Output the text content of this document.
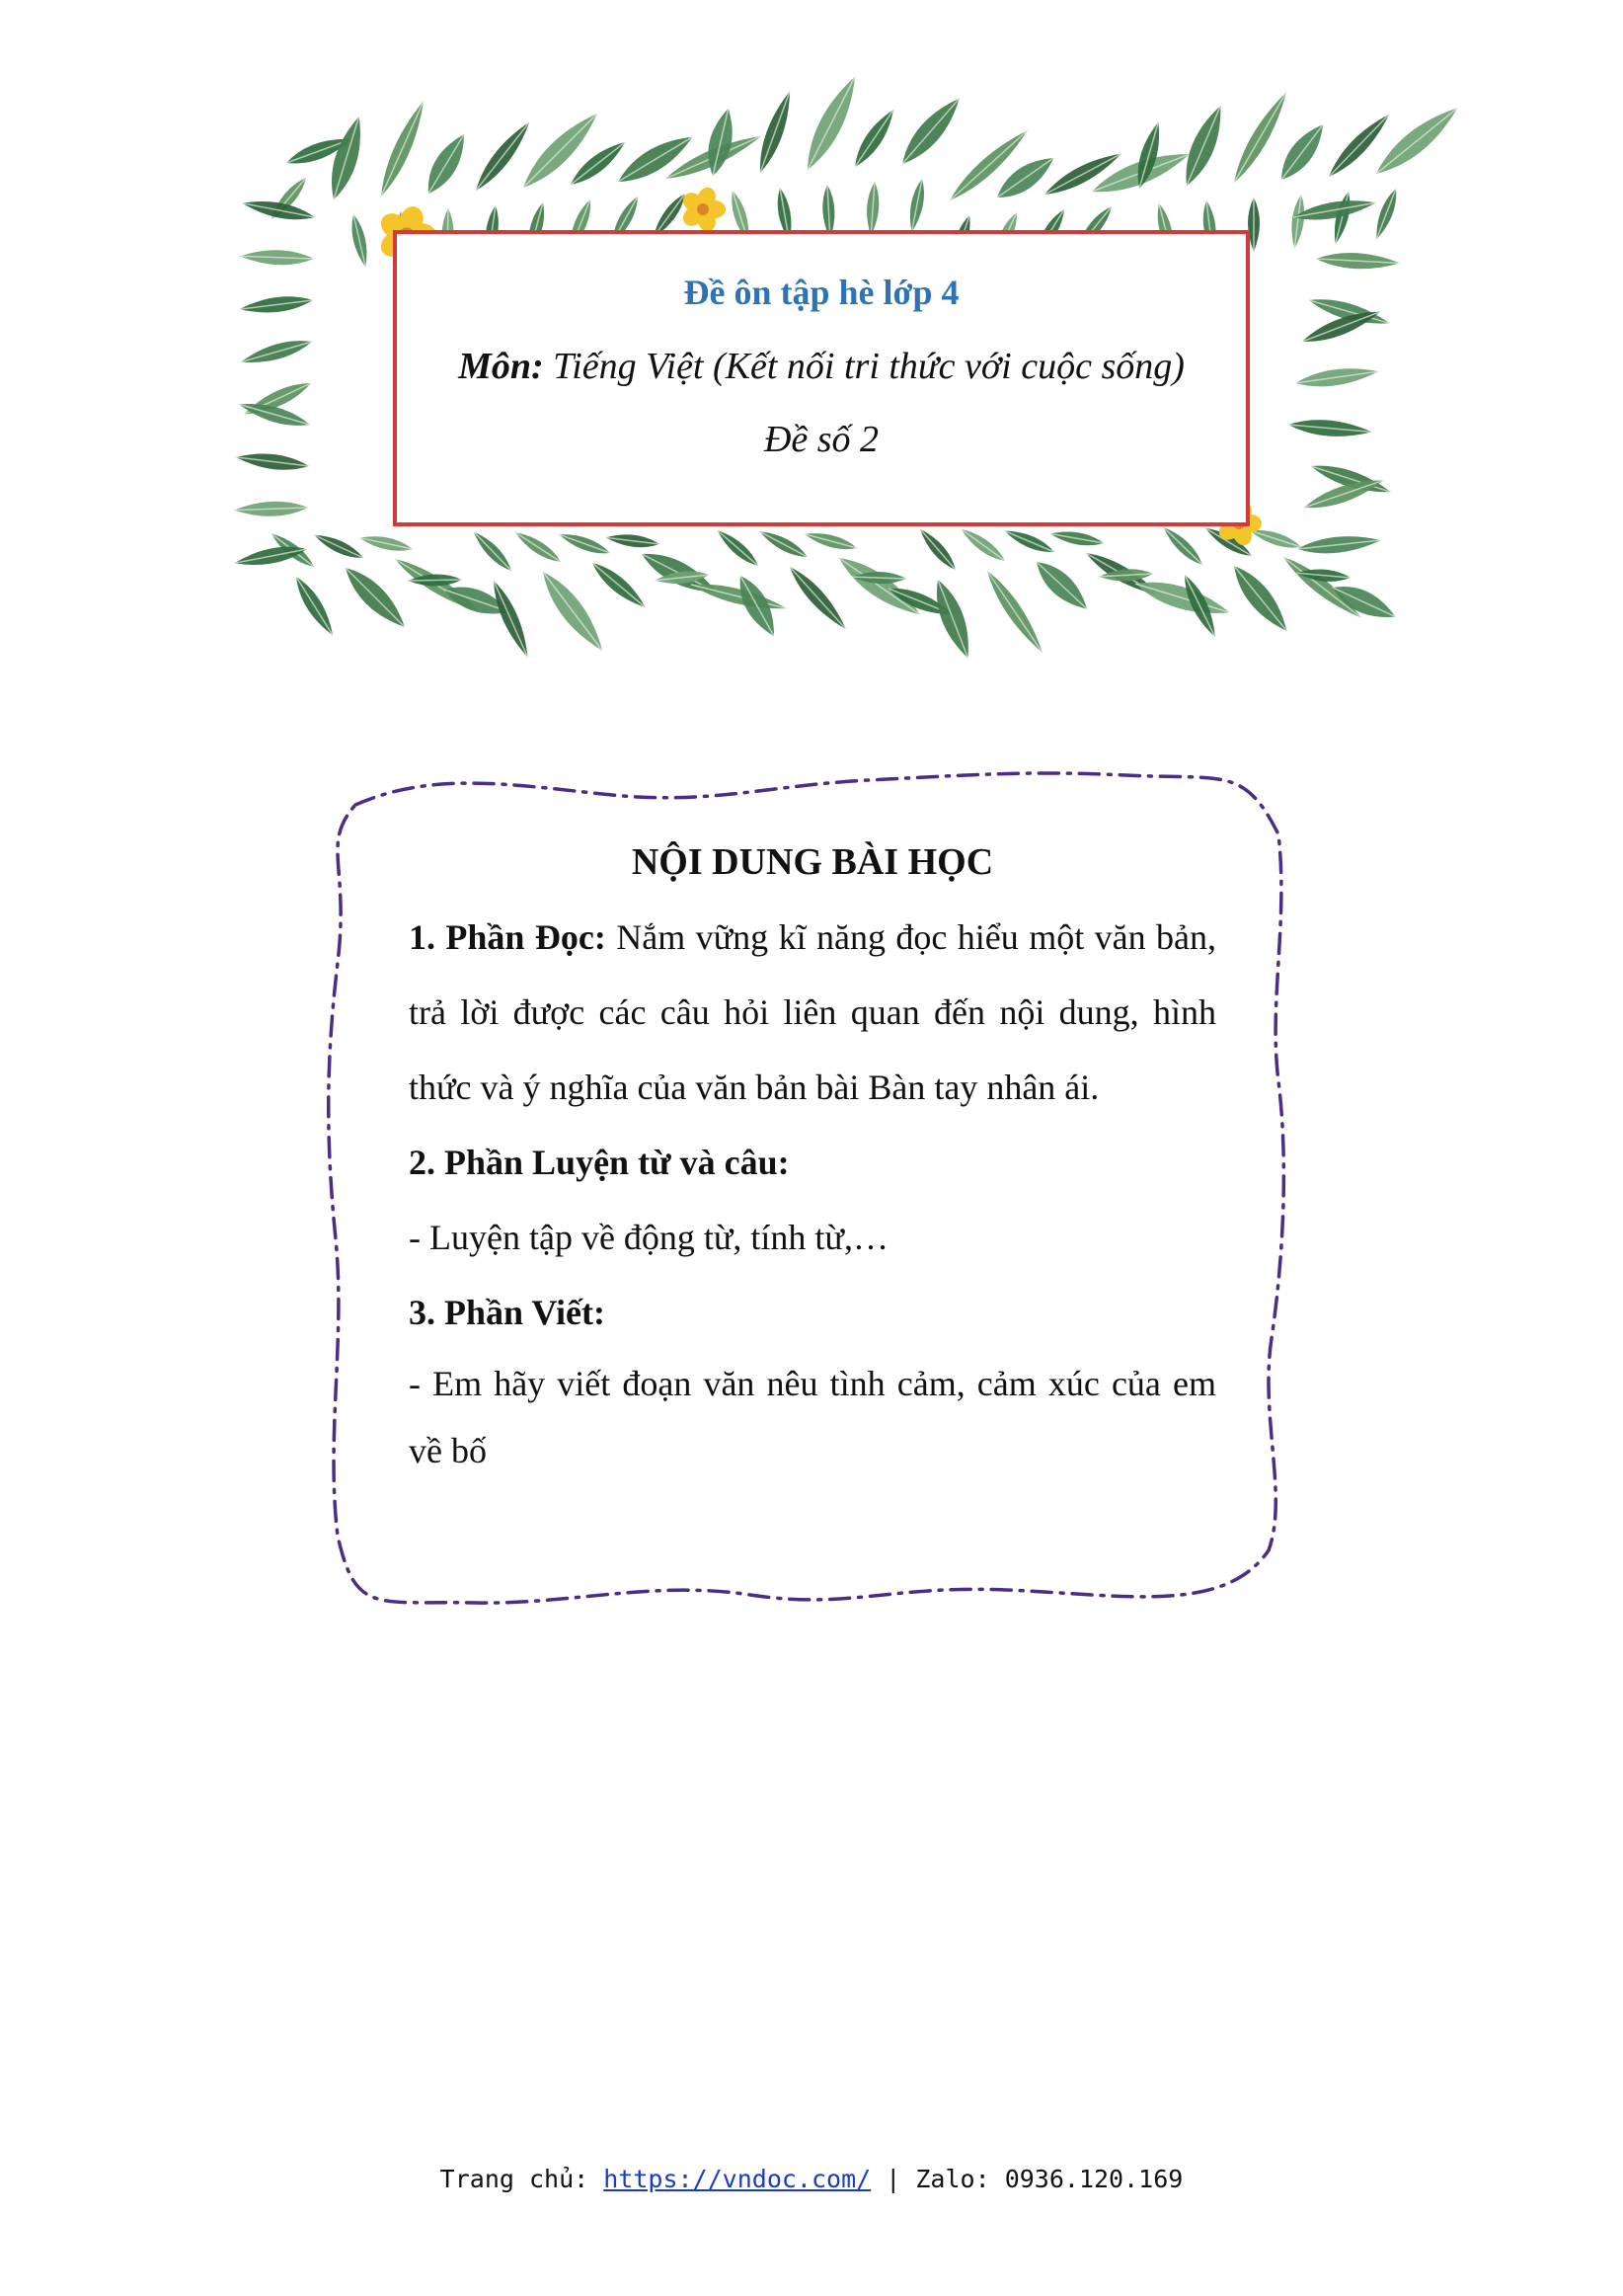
Đề ôn tập hè lớp 4
Môn: Tiếng Việt (Kết nối tri thức với cuộc sống)
Đề số 2
NỘI DUNG BÀI HỌC
1. Phần Đọc: Nắm vững kĩ năng đọc hiểu một văn bản, trả lời được các câu hỏi liên quan đến nội dung, hình thức và ý nghĩa của văn bản bài Bàn tay nhân ái.
2. Phần Luyện từ và câu:
- Luyện tập về động từ, tính từ,…
3. Phần Viết:
- Em hãy viết đoạn văn nêu tình cảm, cảm xúc của em về bố
Trang chủ: https://vndoc.com/ | Zalo: 0936.120.169
